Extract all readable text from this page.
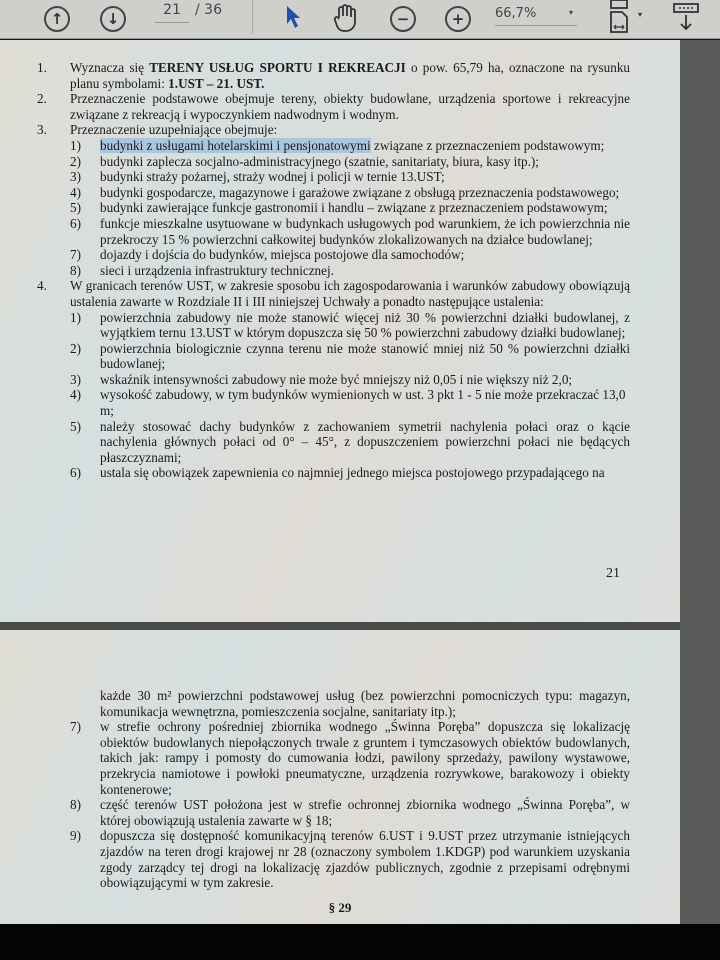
↑	↓	21 / 36	−	+ 66,7%	▾	▾
1. Wyznacza się TERENY USŁUG SPORTU I REKREACJI o pow. 65,79 ha, oznaczone na rysunku planu symbolami: 1.UST – 21. UST.
2. Przeznaczenie podstawowe obejmuje tereny, obiekty budowlane, urządzenia sportowe i rekreacyjne związane z rekreacją i wypoczynkiem nadwodnym i wodnym.
3. Przeznaczenie uzupełniające obejmuje:
1) budynki z usługami hotelarskimi i pensjonatowymi związane z przeznaczeniem podstawowym;
2) budynki zaplecza socjalno-administracyjnego (szatnie, sanitariaty, biura, kasy itp.);
3) budynki straży pożarnej, straży wodnej i policji w ternie 13.UST;
4) budynki gospodarcze, magazynowe i garażowe związane z obsługą przeznaczenia podstawowego;
5) budynki zawierające funkcje gastronomii i handlu – związane z przeznaczeniem podstawowym;
6) funkcje mieszkalne usytuowane w budynkach usługowych pod warunkiem, że ich powierzchnia nie przekroczy 15 % powierzchni całkowitej budynków zlokalizowanych na działce budowlanej;
7) dojazdy i dojścia do budynków, miejsca postojowe dla samochodów;
8) sieci i urządzenia infrastruktury technicznej.
4. W granicach terenów UST, w zakresie sposobu ich zagospodarowania i warunków zabudowy obowiązują ustalenia zawarte w Rozdziale II i III niniejszej Uchwały a ponadto następujące ustalenia:
1) powierzchnia zabudowy nie może stanowić więcej niż 30 % powierzchni działki budowlanej, z wyjątkiem ternu 13.UST w którym dopuszcza się 50 % powierzchni zabudowy działki budowlanej;
2) powierzchnia biologicznie czynna terenu nie może stanowić mniej niż 50 % powierzchni działki budowlanej;
3) wskaźnik intensywności zabudowy nie może być mniejszy niż 0,05 i nie większy niż 2,0;
4) wysokość zabudowy, w tym budynków wymienionych w ust. 3 pkt 1 - 5 nie może przekraczać 13,0 m;
5) należy stosować dachy budynków z zachowaniem symetrii nachylenia połaci oraz o kącie nachylenia głównych połaci od 0° – 45°, z dopuszczeniem powierzchni połaci nie będących płaszczyznami;
6) ustala się obowiązek zapewnienia co najmniej jednego miejsca postojowego przypadającego na
21
każde 30 m² powierzchni podstawowej usług (bez powierzchni pomocniczych typu: magazyn, komunikacja wewnętrzna, pomieszczenia socjalne, sanitariaty itp.);
7) w strefie ochrony pośredniej zbiornika wodnego „Świnna Poręba” dopuszcza się lokalizację obiektów budowlanych niepołączonych trwale z gruntem i tymczasowych obiektów budowlanych, takich jak: rampy i pomosty do cumowania łodzi, pawilony sprzedaży, pawilony wystawowe, przekrycia namiotowe i powłoki pneumatyczne, urządzenia rozrywkowe, barakowozy i obiekty kontenerowe;
8) część terenów UST położona jest w strefie ochronnej zbiornika wodnego „Świnna Poręba”, w której obowiązują ustalenia zawarte w § 18;
9) dopuszcza się dostępność komunikacyjną terenów 6.UST i 9.UST przez utrzymanie istniejących zjazdów na teren drogi krajowej nr 28 (oznaczony symbolem 1.KDGP) pod warunkiem uzyskania zgody zarządcy tej drogi na lokalizację zjazdów publicznych, zgodnie z przepisami odrębnymi obowiązującymi w tym zakresie.
§ 29
